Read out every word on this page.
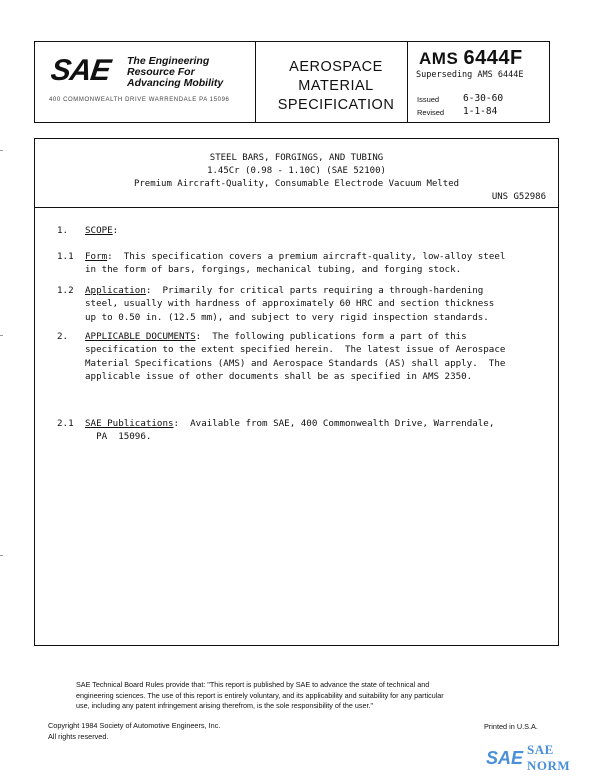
SAE The Engineering
Resource For
Advancing Mobility
400 COMMONWEALTH DRIVE WARRENDALE PA 15096
AEROSPACE
MATERIAL
SPECIFICATION
AMS 6444F
Superseding AMS 6444E
Issued	6-30-60
Revised 1-1-84
STEEL BARS, FORGINGS, AND TUBING
1.45Cr (0.98 - 1.10C) (SAE 52100)
Premium Aircraft-Quality, Consumable Electrode Vacuum Melted
UNS G52986
1. SCOPE:
1.1 Form:  This specification covers a premium aircraft-quality, low-alloy steel
in the form of bars, forgings, mechanical tubing, and forging stock.
1.2 Application:  Primarily for critical parts requiring a through-hardening
steel, usually with hardness of approximately 60 HRC and section thickness
up to 0.50 in. (12.5 mm), and subject to very rigid inspection standards.
2. APPLICABLE DOCUMENTS:  The following publications form a part of this
specification to the extent specified herein.  The latest issue of Aerospace
Material Specifications (AMS) and Aerospace Standards (AS) shall apply.  The
applicable issue of other documents shall be as specified in AMS 2350.
2.1 SAE Publications:  Available from SAE, 400 Commonwealth Drive, Warrendale,
PA  15096.
SAE Technical Board Rules provide that: "This report is published by SAE to advance the state of technical and
engineering sciences. The use of this report is entirely voluntary, and its applicability and suitability for any particular
use, including any patent infringement arising therefrom, is the sole responsibility of the user."
Copyright 1984 Society of Automotive Engineers, Inc.
All rights reserved.
Printed in U.S.A.
SAE SAE NORM
